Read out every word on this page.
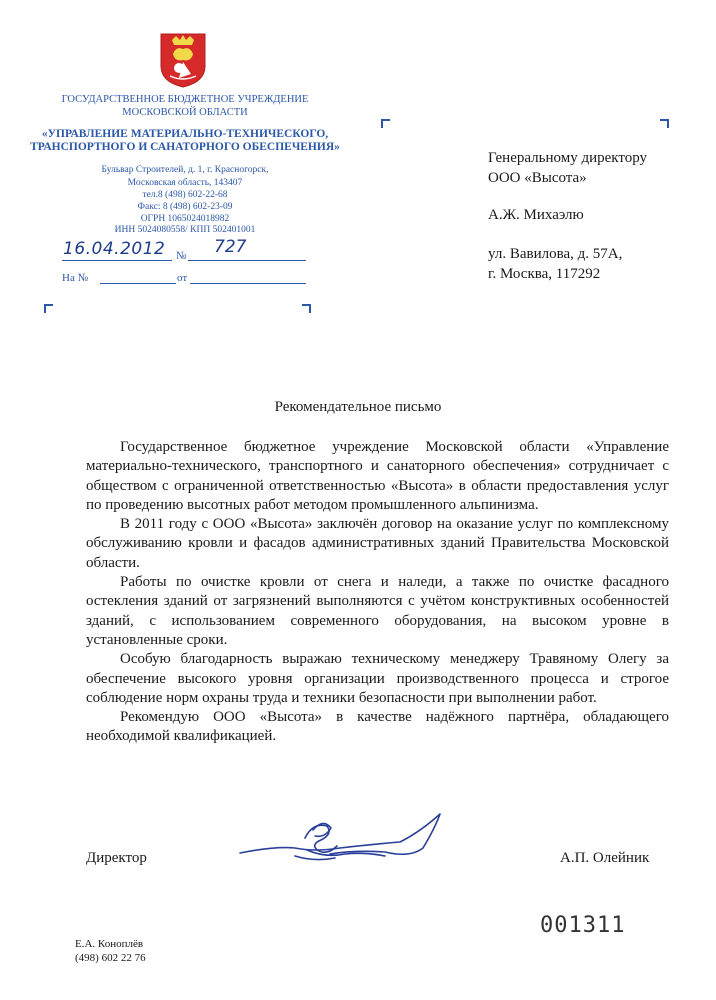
ГОСУДАРСТВЕННОЕ БЮДЖЕТНОЕ УЧРЕЖДЕНИЕ
МОСКОВСКОЙ ОБЛАСТИ
«УПРАВЛЕНИЕ МАТЕРИАЛЬНО-ТЕХНИЧЕСКОГО,
ТРАНСПОРТНОГО И САНАТОРНОГО ОБЕСПЕЧЕНИЯ»
Бульвар Строителей, д. 1, г. Красногорск,
Московская область, 143407
тел.8 (498) 602-22-68
Факс: 8 (498) 602-23-09
ОГРН 1065024018982
ИНН 5024080558/ КПП 502401001
16.04.2012 № 727
На №	от
Генеральному директору
ООО «Высота»
А.Ж. Михаэлю
ул. Вавилова, д. 57А,
г. Москва, 117292
Рекомендательное письмо

Государственное бюджетное учреждение Московской области «Управление материально-технического, транспортного и санаторного обеспечения» сотрудничает с обществом с ограниченной ответственностью «Высота» в области предоставления услуг по проведению высотных работ методом промышленного альпинизма.

В 2011 году с ООО «Высота» заключён договор на оказание услуг по комплексному обслуживанию кровли и фасадов административных зданий Правительства Московской области.

Работы по очистке кровли от снега и наледи, а также по очистке фасадного остекления зданий от загрязнений выполняются с учётом конструктивных особенностей зданий, с использованием современного оборудования, на высоком уровне в установленные сроки.

Особую благодарность выражаю техническому менеджеру Травяному Олегу за обеспечение высокого уровня организации производственного процесса и строгое соблюдение норм охраны труда и техники безопасности при выполнении работ.

Рекомендую ООО «Высота» в качестве надёжного партнёра, обладающего необходимой квалификацией.

Директор	А.П. Олейник
001311
Е.А. Коноплёв
(498) 602 22 76
